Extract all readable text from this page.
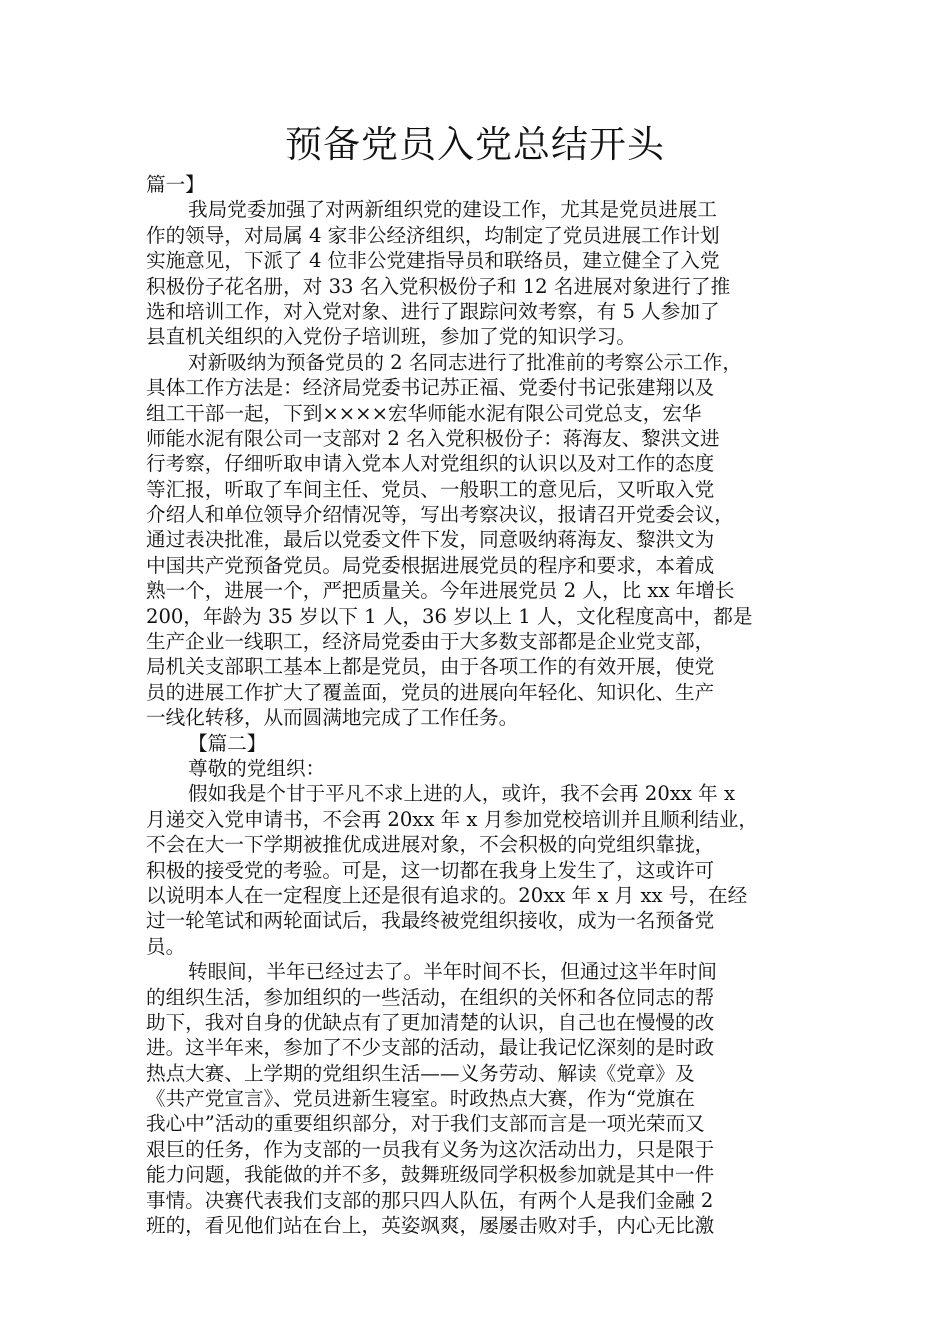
预备党员入党总结开头
篇一】
我局党委加强了对两新组织党的建设工作，尤其是党员进展工
作的领导，对局属 4 家非公经济组织，均制定了党员进展工作计划
实施意见，下派了 4 位非公党建指导员和联络员，建立健全了入党
积极份子花名册，对 33 名入党积极份子和 12 名进展对象进行了推
选和培训工作，对入党对象、进行了跟踪问效考察，有 5 人参加了
县直机关组织的入党份子培训班，参加了党的知识学习。
对新吸纳为预备党员的 2 名同志进行了批准前的考察公示工作，
具体工作方法是：经济局党委书记苏正福、党委付书记张建翔以及
组工干部一起，下到××××宏华师能水泥有限公司党总支，宏华
师能水泥有限公司一支部对 2 名入党积极份子：蒋海友、黎洪文进
行考察，仔细听取申请入党本人对党组织的认识以及对工作的态度
等汇报，听取了车间主任、党员、一般职工的意见后，又听取入党
介绍人和单位领导介绍情况等，写出考察决议，报请召开党委会议，
通过表决批准，最后以党委文件下发，同意吸纳蒋海友、黎洪文为
中国共产党预备党员。局党委根据进展党员的程序和要求，本着成
熟一个，进展一个，严把质量关。今年进展党员 2 人，比 xx 年增长
200，年龄为 35 岁以下 1 人，36 岁以上 1 人，文化程度高中，都是
生产企业一线职工，经济局党委由于大多数支部都是企业党支部，
局机关支部职工基本上都是党员，由于各项工作的有效开展，使党
员的进展工作扩大了覆盖面，党员的进展向年轻化、知识化、生产
一线化转移，从而圆满地完成了工作任务。
【篇二】
尊敬的党组织：
假如我是个甘于平凡不求上进的人，或许，我不会再 20xx 年 x
月递交入党申请书，不会再 20xx 年 x 月参加党校培训并且顺利结业，
不会在大一下学期被推优成进展对象，不会积极的向党组织靠拢，
积极的接受党的考验。可是，这一切都在我身上发生了，这或许可
以说明本人在一定程度上还是很有追求的。20xx 年 x 月 xx 号，在经
过一轮笔试和两轮面试后，我最终被党组织接收，成为一名预备党
员。
转眼间，半年已经过去了。半年时间不长，但通过这半年时间
的组织生活，参加组织的一些活动，在组织的关怀和各位同志的帮
助下，我对自身的优缺点有了更加清楚的认识，自己也在慢慢的改
进。这半年来，参加了不少支部的活动，最让我记忆深刻的是时政
热点大赛、上学期的党组织生活——义务劳动、解读《党章》及
《共产党宣言》、党员进新生寝室。时政热点大赛，作为“党旗在
我心中”活动的重要组织部分，对于我们支部而言是一项光荣而又
艰巨的任务，作为支部的一员我有义务为这次活动出力，只是限于
能力问题，我能做的并不多，鼓舞班级同学积极参加就是其中一件
事情。决赛代表我们支部的那只四人队伍，有两个人是我们金融 2
班的，看见他们站在台上，英姿飒爽，屡屡击败对手，内心无比激
